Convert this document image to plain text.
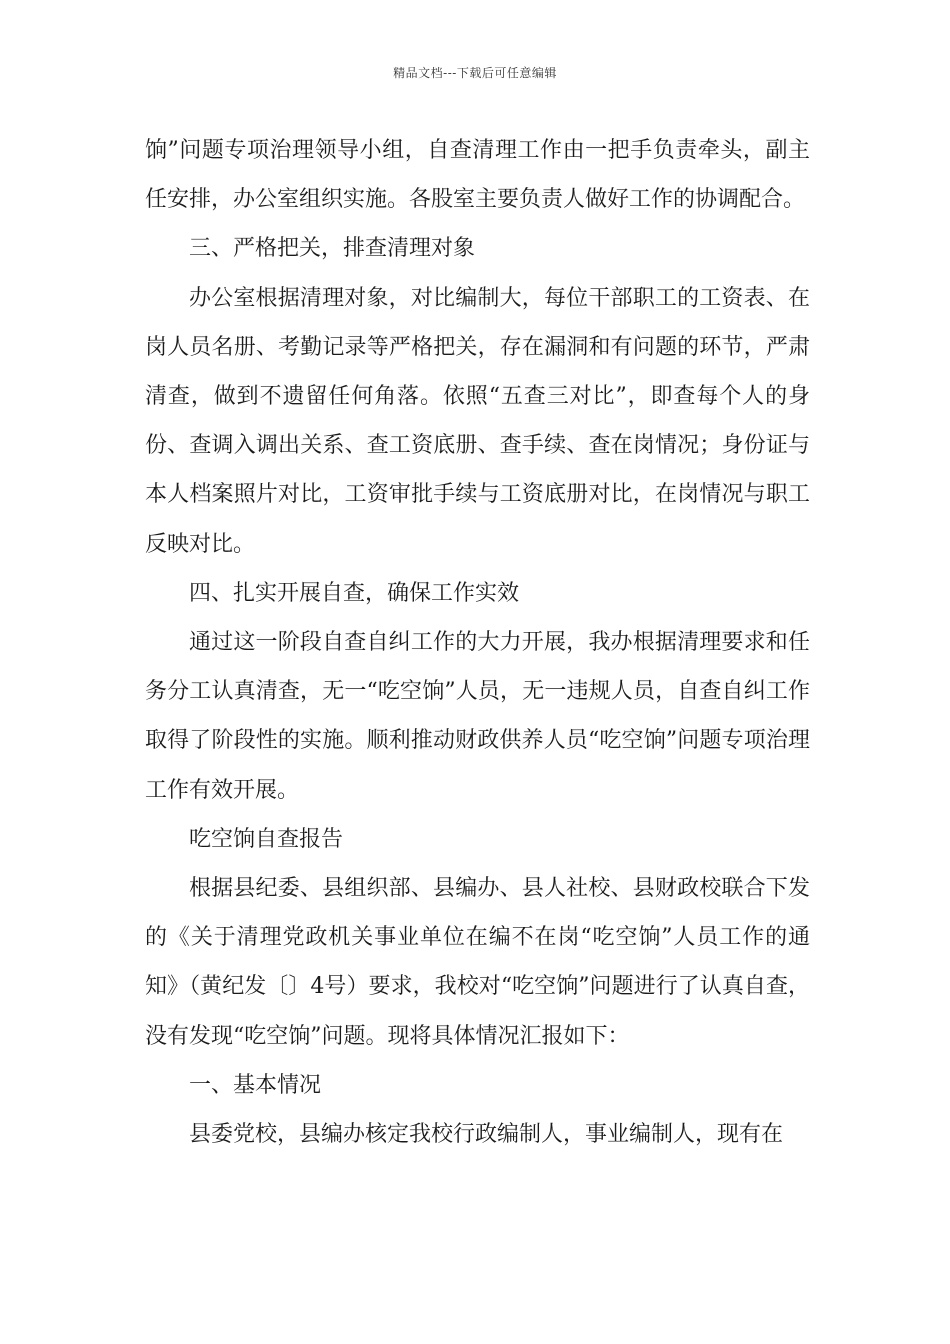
精品文档---下载后可任意编辑

饷”问题专项治理领导小组，自查清理工作由一把手负责牵头，副主任安排，办公室组织实施。各股室主要负责人做好工作的协调配合。

三、严格把关，排查清理对象

办公室根据清理对象，对比编制大，每位干部职工的工资表、在岗人员名册、考勤记录等严格把关，存在漏洞和有问题的环节，严肃清查，做到不遗留任何角落。依照“五查三对比”，即查每个人的身份、查调入调出关系、查工资底册、查手续、查在岗情况；身份证与本人档案照片对比，工资审批手续与工资底册对比，在岗情况与职工反映对比。

四、扎实开展自查，确保工作实效

通过这一阶段自查自纠工作的大力开展，我办根据清理要求和任务分工认真清查，无一“吃空饷”人员，无一违规人员，自查自纠工作取得了阶段性的实施。顺利推动财政供养人员“吃空饷”问题专项治理工作有效开展。

吃空饷自查报告

根据县纪委、县组织部、县编办、县人社校、县财政校联合下发的《关于清理党政机关事业单位在编不在岗“吃空饷”人员工作的通知》（黄纪发〔〕4号）要求，我校对“吃空饷”问题进行了认真自查，没有发现“吃空饷”问题。现将具体情况汇报如下：

一、基本情况

县委党校，县编办核定我校行政编制人，事业编制人，现有在
